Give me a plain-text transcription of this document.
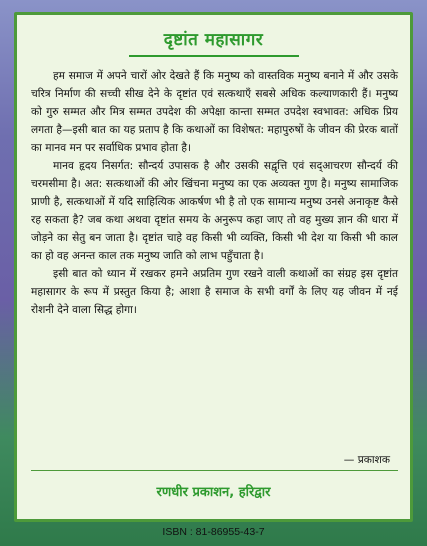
दृष्टांत महासागर

हम समाज में अपने चारों ओर देखते हैं कि मनुष्य को वास्तविक मनुष्य बनाने में और उसके चरित्र निर्माण की सच्ची सीख देने के दृष्टांत एवं सत्कथाएँ सबसे अधिक कल्याणकारी हैं। मनुष्य को गुरु सम्मत और मित्र सम्मत उपदेश की अपेक्षा कान्ता सम्मत उपदेश स्वभावत: अधिक प्रिय लगता है—इसी बात का यह प्रताप है कि कथाओं का विशेषत: महापुरुषों के जीवन की प्रेरक बातों का मानव मन पर सर्वाधिक प्रभाव होता है।

मानव हृदय निसर्गत: सौन्दर्य उपासक है और उसकी सद्वृत्ति एवं सद्आचरण सौन्दर्य की चरमसीमा है। अत: सत्कथाओं की ओर खिंचना मनुष्य का एक अव्यक्त गुण है। मनुष्य सामाजिक प्राणी है, सत्कथाओं में यदि साहित्यिक आकर्षण भी है तो एक सामान्य मनुष्य उनसे अनाकृष्ट कैसे रह सकता है? जब कथा अथवा दृष्टांत समय के अनुरूप कहा जाए तो वह मुख्य ज्ञान की धारा में जोड़ने का सेतु बन जाता है। दृष्टांत चाहे वह किसी भी व्यक्ति, किसी भी देश या किसी भी काल का हो वह अनन्त काल तक मनुष्य जाति को लाभ पहुँचाता है।

इसी बात को ध्यान में रखकर हमने अप्रतिम गुण रखने वाली कथाओं का संग्रह इस दृष्टांत महासागर के रूप में प्रस्तुत किया है; आशा है समाज के सभी वर्गों के लिए यह जीवन में नई रोशनी देने वाला सिद्ध होगा।

— प्रकाशक
रणधीर प्रकाशन, हरिद्वार
ISBN : 81-86955-43-7
